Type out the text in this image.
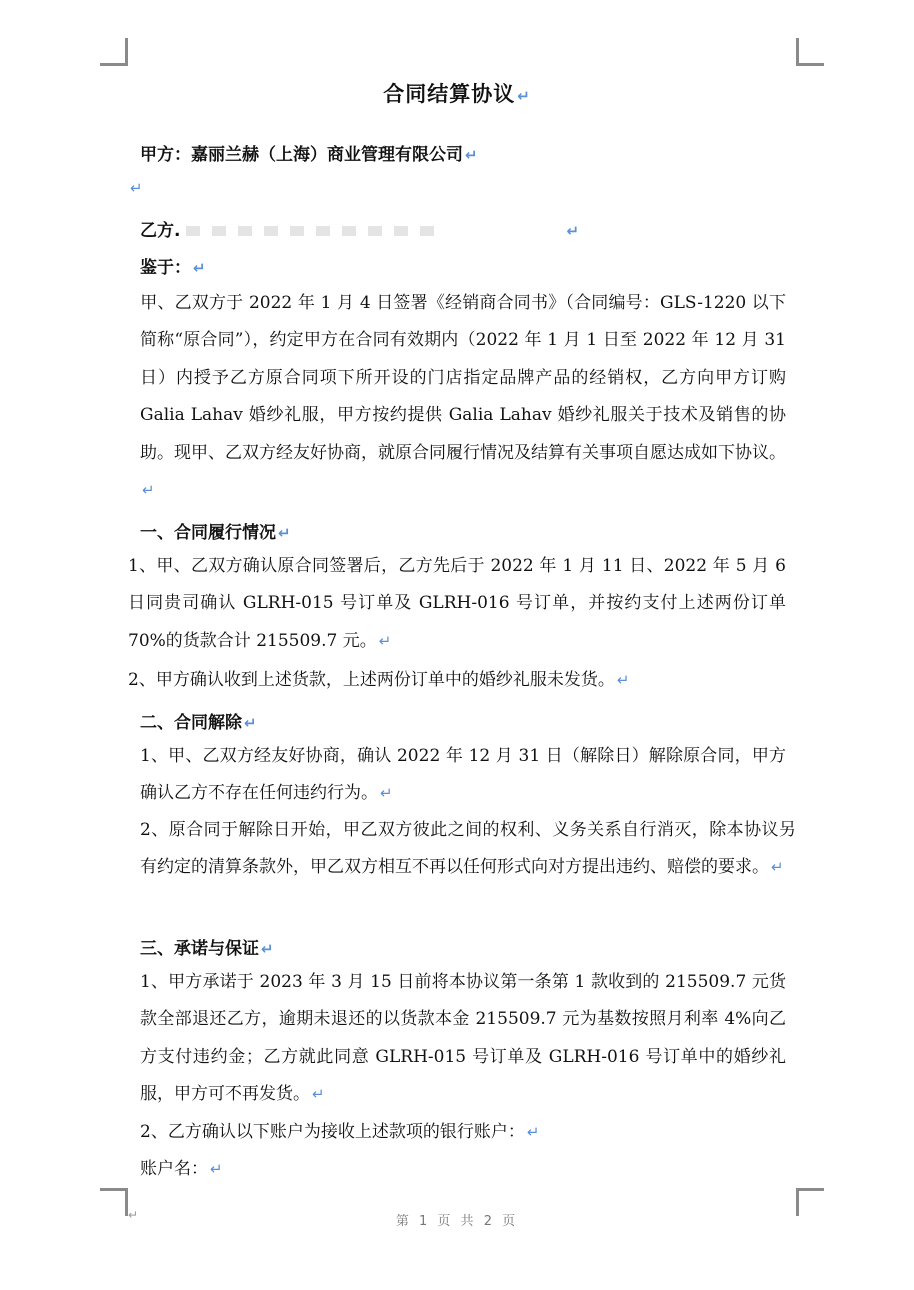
合同结算协议 ↵
甲方：嘉丽兰赫（上海）商业管理有限公司 ↵
↵
乙方.	↵
鉴于： ↵

甲、乙双方于 2022 年 1 月 4 日签署《经销商合同书》（合同编号：GLS-1220 以下简称“原合同”），约定甲方在合同有效期内（2022 年 1 月 1 日至 2022 年 12 月 31 日）内授予乙方原合同项下所开设的门店指定品牌产品的经销权，乙方向甲方订购 Galia Lahav 婚纱礼服，甲方按约提供 Galia Lahav 婚纱礼服关于技术及销售的协助。现甲、乙双方经友好协商，就原合同履行情况及结算有关事项自愿达成如下协议。↵

一、合同履行情况 ↵

1、甲、乙双方确认原合同签署后，乙方先后于 2022 年 1 月 11 日、2022 年 5 月 6 日同贵司确认 GLRH-015 号订单及 GLRH-016 号订单，并按约支付上述两份订单 70%的货款合计 215509.7 元。 ↵

2、甲方确认收到上述货款，上述两份订单中的婚纱礼服未发货。 ↵

二、合同解除 ↵

1、甲、乙双方经友好协商，确认 2022 年 12 月 31 日（解除日）解除原合同，甲方确认乙方不存在任何违约行为。 ↵

2、原合同于解除日开始，甲乙双方彼此之间的权利、义务关系自行消灭，除本协议另有约定的清算条款外，甲乙双方相互不再以任何形式向对方提出违约、赔偿的要求。 ↵

三、承诺与保证 ↵

1、甲方承诺于 2023 年 3 月 15 日前将本协议第一条第 1 款收到的 215509.7 元货款全部退还乙方，逾期未退还的以货款本金 215509.7 元为基数按照月利率 4%向乙方支付违约金；乙方就此同意 GLRH-015 号订单及 GLRH-016 号订单中的婚纱礼服，甲方可不再发货。 ↵

2、乙方确认以下账户为接收上述款项的银行账户： ↵

账户名： ↵

↵	第 1 页 共 2 页
